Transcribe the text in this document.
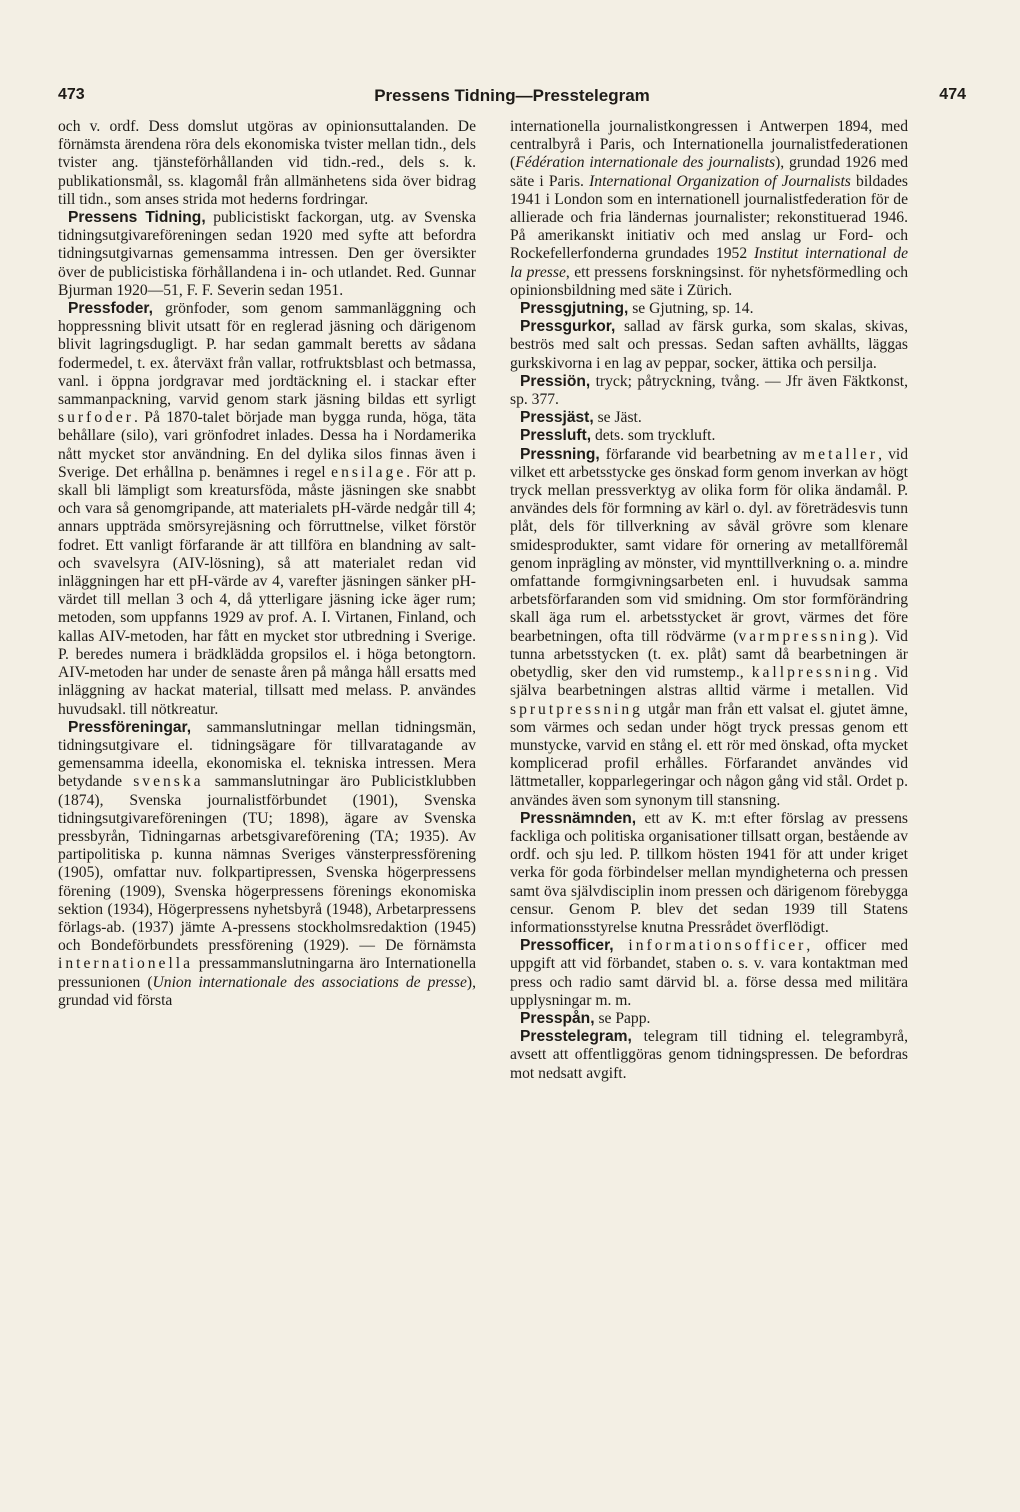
473	Pressens Tidning—Presstelegram	474

och v. ordf. Dess domslut utgöras av opinionsuttalanden. De förnämsta ärendena röra dels ekonomiska tvister mellan tidn., dels tvister ang. tjänsteförhållanden vid tidn.-red., dels s. k. publikationsmål, ss. klagomål från allmänhetens sida över bidrag till tidn., som anses strida mot hederns fordringar.

Pressens Tidning, publicistiskt fackorgan, utg. av Svenska tidningsutgivareföreningen sedan 1920 med syfte att befordra tidningsutgivarnas gemensamma intressen. Den ger översikter över de publicistiska förhållandena i in- och utlandet. Red. Gunnar Bjurman 1920—51, F. F. Severin sedan 1951.

Pressfoder, grönfoder, som genom sammanläggning och hoppressning blivit utsatt för en reglerad jäsning och därigenom blivit lagringsdugligt. P. har sedan gammalt beretts av sådana fodermedel, t. ex. återväxt från vallar, rotfruktsblast och betmassa, vanl. i öppna jordgravar med jordtäckning el. i stackar efter sammanpackning, varvid genom stark jäsning bildas ett syrligt surfoder. På 1870-talet började man bygga runda, höga, täta behållare (silo), vari grönfodret inlades. Dessa ha i Nordamerika nått mycket stor användning. En del dylika silos finnas även i Sverige. Det erhållna p. benämnes i regel ensilage. För att p. skall bli lämpligt som kreatursföda, måste jäsningen ske snabbt och vara så genomgripande, att materialets pH-värde nedgår till 4; annars uppträda smörsyrejäsning och förruttnelse, vilket förstör fodret. Ett vanligt förfarande är att tillföra en blandning av salt- och svavelsyra (AIV-lösning), så att materialet redan vid inläggningen har ett pH-värde av 4, varefter jäsningen sänker pH-värdet till mellan 3 och 4, då ytterligare jäsning icke äger rum; metoden, som uppfanns 1929 av prof. A. I. Virtanen, Finland, och kallas AIV-metoden, har fått en mycket stor utbredning i Sverige. P. beredes numera i brädklädda gropsilos el. i höga betongtorn. AIV-metoden har under de senaste åren på många håll ersatts med inläggning av hackat material, tillsatt med melass. P. användes huvudsakl. till nötkreatur.

Pressföreningar, sammanslutningar mellan tidningsmän, tidningsutgivare el. tidningsägare för tillvaratagande av gemensamma ideella, ekonomiska el. tekniska intressen. Mera betydande svenska sammanslutningar äro Publicistklubben (1874), Svenska journalistförbundet (1901), Svenska tidningsutgivareföreningen (TU; 1898), ägare av Svenska pressbyrån, Tidningarnas arbetsgivareförening (TA; 1935). Av partipolitiska p. kunna nämnas Sveriges vänsterpressförening (1905), omfattar nuv. folkpartipressen, Svenska högerpressens förening (1909), Svenska högerpressens förenings ekonomiska sektion (1934), Högerpressens nyhetsbyrå (1948), Arbetarpressens förlags-ab. (1937) jämte A-pressens stockholmsredaktion (1945) och Bondeförbundets pressförening (1929). — De förnämsta internationella pressammanslutningarna äro Internationella pressunionen (Union internationale des associations de presse), grundad vid första

internationella journalistkongressen i Antwerpen 1894, med centralbyrå i Paris, och Internationella journalistfederationen (Fédération internationale des journalists), grundad 1926 med säte i Paris. International Organization of Journalists bildades 1941 i London som en internationell journalistfederation för de allierade och fria ländernas journalister; rekonstituerad 1946. På amerikanskt initiativ och med anslag ur Ford- och Rockefellerfonderna grundades 1952 Institut international de la presse, ett pressens forskningsinst. för nyhetsförmedling och opinionsbildning med säte i Zürich.

Pressgjutning, se Gjutning, sp. 14.

Pressgurkor, sallad av färsk gurka, som skalas, skivas, beströs med salt och pressas. Sedan saften avhällts, läggas gurkskivorna i en lag av peppar, socker, ättika och persilja.

Pressiön, tryck; påtryckning, tvång. — Jfr även Fäktkonst, sp. 377.

Pressjäst, se Jäst.

Pressluft, dets. som tryckluft.

Pressning, förfarande vid bearbetning av metaller, vid vilket ett arbetsstycke ges önskad form genom inverkan av högt tryck mellan pressverktyg av olika form för olika ändamål. P. användes dels för formning av kärl o. dyl. av företrädesvis tunn plåt, dels för tillverkning av såväl grövre som klenare smidesprodukter, samt vidare för ornering av metallföremål genom inprägling av mönster, vid mynttillverkning o. a. mindre omfattande formgivningsarbeten enl. i huvudsak samma arbetsförfaranden som vid smidning. Om stor formförändring skall äga rum el. arbetsstycket är grovt, värmes det före bearbetningen, ofta till rödvärme (varmpressning). Vid tunna arbetsstycken (t. ex. plåt) samt då bearbetningen är obetydlig, sker den vid rumstemp., kallpressning. Vid själva bearbetningen alstras alltid värme i metallen. Vid sprutpressning utgår man från ett valsat el. gjutet ämne, som värmes och sedan under högt tryck pressas genom ett munstycke, varvid en stång el. ett rör med önskad, ofta mycket komplicerad profil erhålles. Förfarandet användes vid lättmetaller, kopparlegeringar och någon gång vid stål. Ordet p. användes även som synonym till stansning.

Pressnämnden, ett av K. m:t efter förslag av pressens fackliga och politiska organisationer tillsatt organ, bestående av ordf. och sju led. P. tillkom hösten 1941 för att under kriget verka för goda förbindelser mellan myndigheterna och pressen samt öva självdisciplin inom pressen och därigenom förebygga censur. Genom P. blev det sedan 1939 till Statens informationsstyrelse knutna Pressrådet överflödigt.

Pressofficer, informationsofficer, officer med uppgift att vid förbandet, staben o. s. v. vara kontaktman med press och radio samt därvid bl. a. förse dessa med militära upplysningar m. m.

Presspån, se Papp.

Presstelegram, telegram till tidning el. telegrambyrå, avsett att offentliggöras genom tidningspressen. De befordras mot nedsatt avgift.
